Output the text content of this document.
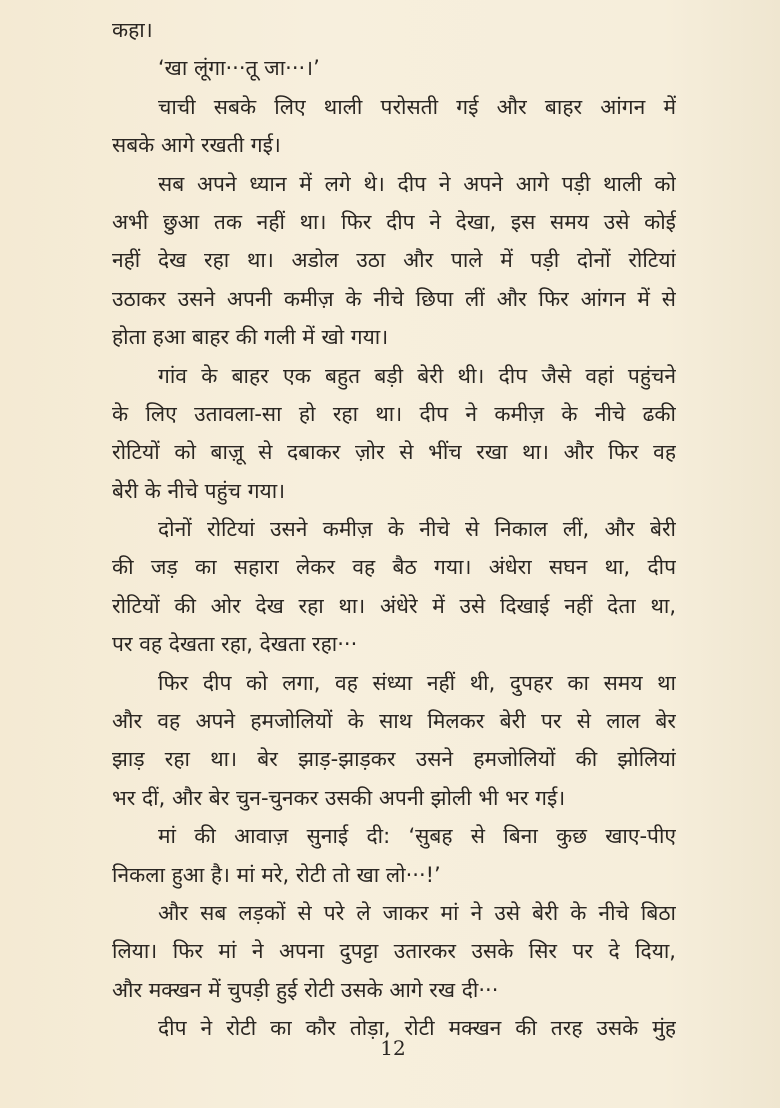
कहा।
‘खा लूंगा···तू जा···।’
चाची सबके लिए थाली परोसती गई और बाहर आंगन में
सबके आगे रखती गई।
सब अपने ध्यान में लगे थे। दीप ने अपने आगे पड़ी थाली को
अभी छुआ तक नहीं था। फिर दीप ने देखा, इस समय उसे कोई
नहीं देख रहा था। अडोल उठा और पाले में पड़ी दोनों रोटियां
उठाकर उसने अपनी कमीज़ के नीचे छिपा लीं और फिर आंगन में से
होता हआ बाहर की गली में खो गया।
गांव के बाहर एक बहुत बड़ी बेरी थी। दीप जैसे वहां पहुंचने
के लिए उतावला-सा हो रहा था। दीप ने कमीज़ के नीचे ढकी
रोटियों को बाज़ू से दबाकर ज़ोर से भींच रखा था। और फिर वह
बेरी के नीचे पहुंच गया।
दोनों रोटियां उसने कमीज़ के नीचे से निकाल लीं, और बेरी
की जड़ का सहारा लेकर वह बैठ गया। अंधेरा सघन था, दीप
रोटियों की ओर देख रहा था। अंधेरे में उसे दिखाई नहीं देता था,
पर वह देखता रहा, देखता रहा···
फिर दीप को लगा, वह संध्या नहीं थी, दुपहर का समय था
और वह अपने हमजोलियों के साथ मिलकर बेरी पर से लाल बेर
झाड़ रहा था। बेर झाड़-झाड़कर उसने हमजोलियों की झोलियां
भर दीं, और बेर चुन-चुनकर उसकी अपनी झोली भी भर गई।
मां की आवाज़ सुनाई दी: ‘सुबह से बिना कुछ खाए-पीए
निकला हुआ है। मां मरे, रोटी तो खा लो···!’
और सब लड़कों से परे ले जाकर मां ने उसे बेरी के नीचे बिठा
लिया। फिर मां ने अपना दुपट्टा उतारकर उसके सिर पर दे दिया,
और मक्खन में चुपड़ी हुई रोटी उसके आगे रख दी···
दीप ने रोटी का कौर तोड़ा, रोटी मक्खन की तरह उसके मुंह
12
